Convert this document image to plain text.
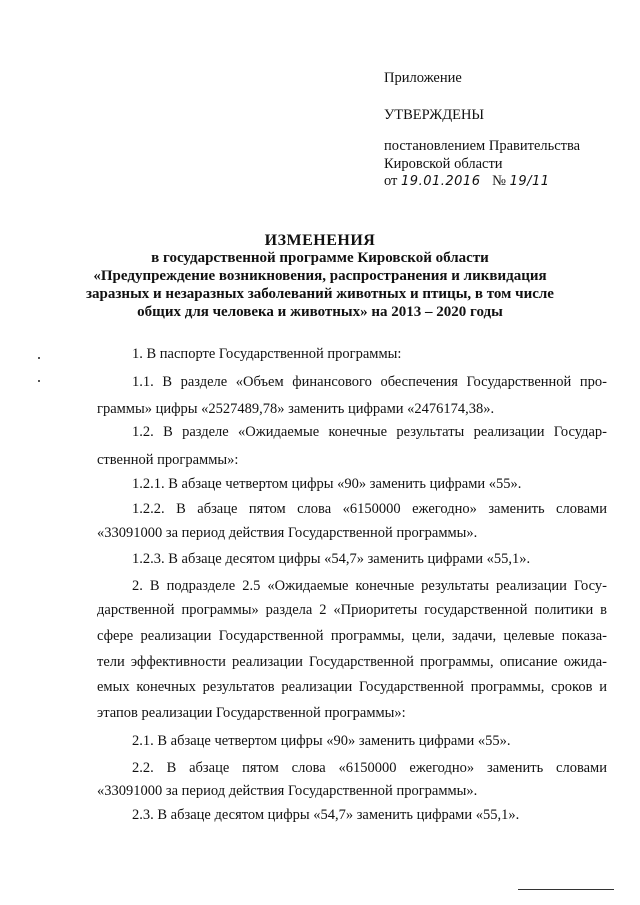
Приложение
УТВЕРЖДЕНЫ
постановлением Правительства
Кировской области
от 19.01.2016 № 19/11
ИЗМЕНЕНИЯ
в государственной программе Кировской области
«Предупреждение возникновения, распространения и ликвидация
заразных и незаразных заболеваний животных и птицы, в том числе
общих для человека и животных» на 2013 – 2020 годы
1. В паспорте Государственной программы:
1.1. В разделе «Объем финансового обеспечения Государственной про-
граммы» цифры «2527489,78» заменить цифрами «2476174,38».
1.2. В разделе «Ожидаемые конечные результаты реализации Государ-
ственной программы»:
1.2.1. В абзаце четвертом цифры «90» заменить цифрами «55».
1.2.2. В абзаце пятом слова «6150000 ежегодно» заменить словами
«33091000 за период действия Государственной программы».
1.2.3. В абзаце десятом цифры «54,7» заменить цифрами «55,1».
2. В подразделе 2.5 «Ожидаемые конечные результаты реализации Госу-
дарственной программы» раздела 2 «Приоритеты государственной политики в
сфере реализации Государственной программы, цели, задачи, целевые показа-
тели эффективности реализации Государственной программы, описание ожида-
емых конечных результатов реализации Государственной программы, сроков и
этапов реализации Государственной программы»:
2.1. В абзаце четвертом цифры «90» заменить цифрами «55».
2.2. В абзаце пятом слова «6150000 ежегодно» заменить словами
«33091000 за период действия Государственной программы».
2.3. В абзаце десятом цифры «54,7» заменить цифрами «55,1».
